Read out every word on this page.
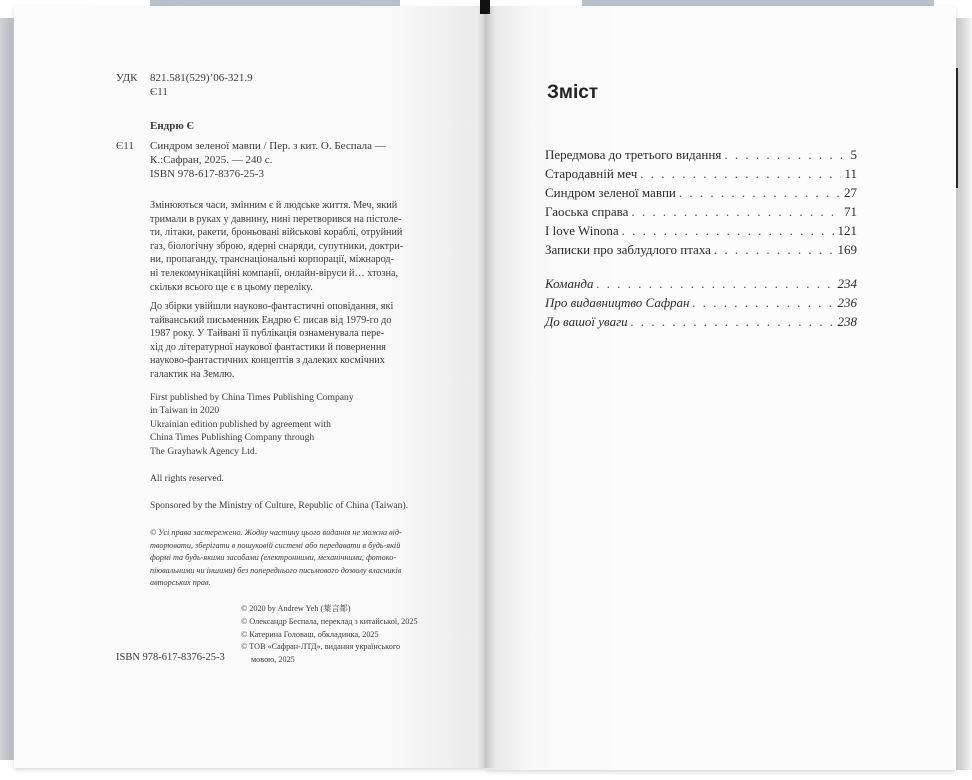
УДК 821.581(529)’06-321.9
Є11
Ендрю Є
Є11 Синдром зеленої мавпи / Пер. з кит. О. Беспала —
К.:Сафран, 2025. — 240 с.
ISBN 978-617-8376-25-3
Змінюються часи, змінним є й людське життя. Меч, який
тримали в руках у давнину, нині перетворився на пістоле-
ти, літаки, ракети, броньовані військові кораблі, отруйний
газ, біологічну зброю, ядерні снаряди, супутники, доктри-
ни, пропаганду, транснаціональні корпорації, міжнарод-
ні телекомунікаційні компанії, онлайн-віруси й… хтозна,
скільки всього ще є в цьому переліку.
До збірки увійшли науково-фантастичні оповідання, які
тайванський письменник Ендрю Є писав від 1979-го до
1987 року. У Тайвані її публікація ознаменувала пере-
хід до літературної наукової фантастики й повернення
науково-фантастичних концептів з далеких космічних
галактик на Землю.
First published by China Times Publishing Company
in Taiwan in 2020
Ukrainian edition published by agreement with
China Times Publishing Company through
The Grayhawk Agency Ltd.
All rights reserved.
Sponsored by the Ministry of Culture, Republic of China (Taiwan).
© Усі права застережено. Жодну частину цього видання не можна від-
творювати, зберігати в пошуковій системі або передавати в будь-якій
формі та будь-якими засобами (електронними, механічними, фотоко-
піювальними чи іншими) без попереднього письмового дозволу власників
авторських прав.
© 2020 by Andrew Yeh (葉言都)
© Олександр Беспала, переклад з китайської, 2025
© Катерина Головаш, обкладинка, 2025
© ТОВ «Сафран-ЛТД», видання українського
мовою, 2025
ISBN 978-617-8376-25-3
Зміст
Передмова до третього видання . . .	5
Стародавній меч . . .	11
Синдром зеленої мавпи . . .	27
Гаоська справа . . .	71
I love Winona . . .	121
Записки про заблудлого птаха . . .	169
Команда . . .	234
Про видавництво Сафран . . .	236
До вашої уваги . . .	238
